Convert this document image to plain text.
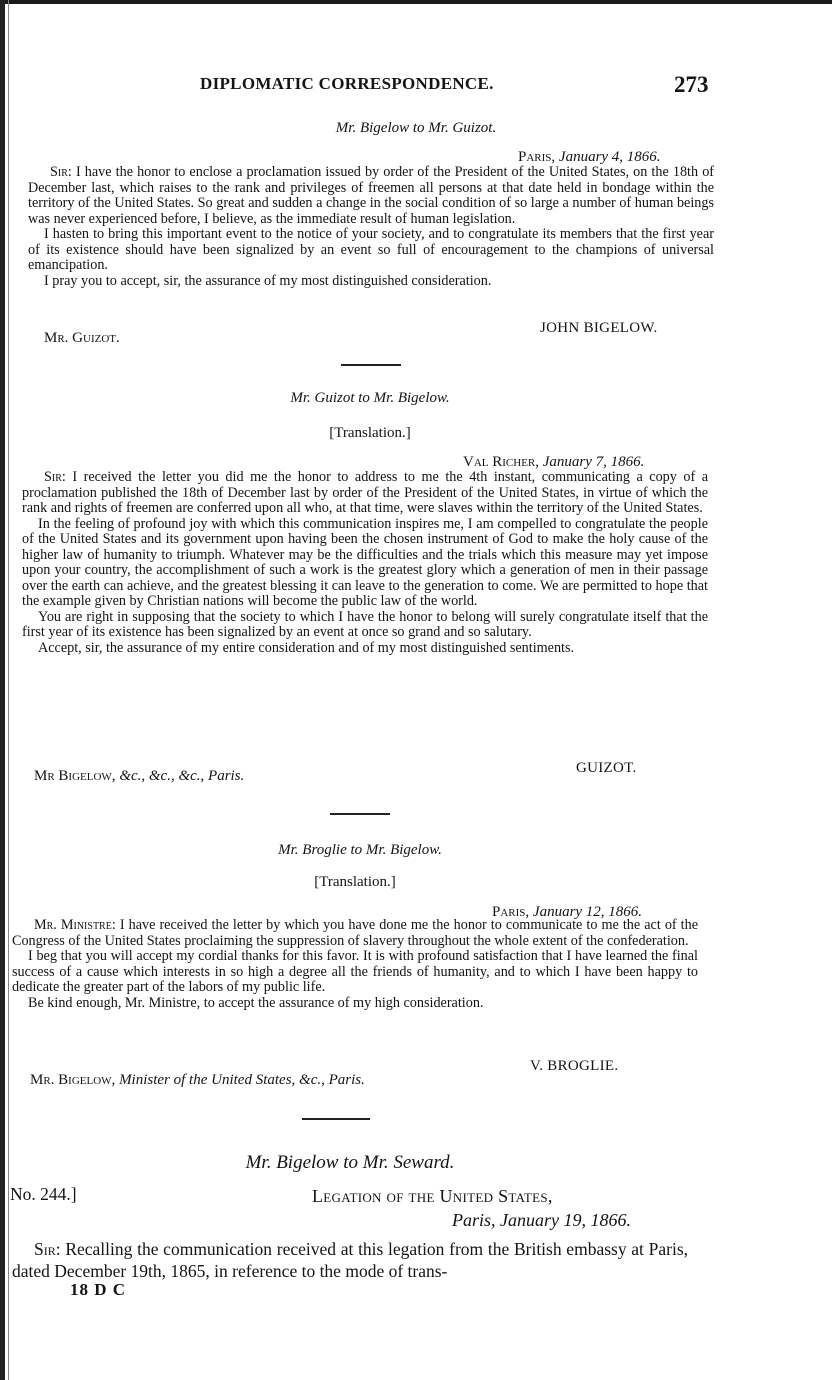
DIPLOMATIC CORRESPONDENCE.	273
Mr. Bigelow to Mr. Guizot.
Paris, January 4, 1866.

Sir: I have the honor to enclose a proclamation issued by order of the President of the United States, on the 18th of December last, which raises to the rank and privileges of freemen all persons at that date held in bondage within the territory of the United States. So great and sudden a change in the social condition of so large a number of human beings was never experienced before, I believe, as the immediate result of human legislation.

I hasten to bring this important event to the notice of your society, and to congratulate its members that the first year of its existence should have been signalized by an event so full of encouragement to the champions of universal emancipation.

I pray you to accept, sir, the assurance of my most distinguished consideration.

JOHN BIGELOW.
Mr. Guizot.
Mr. Guizot to Mr. Bigelow.
[Translation.]
Val Richer, January 7, 1866.

Sir: I received the letter you did me the honor to address to me the 4th instant, communicating a copy of a proclamation published the 18th of December last by order of the President of the United States, in virtue of which the rank and rights of freemen are conferred upon all who, at that time, were slaves within the territory of the United States.

In the feeling of profound joy with which this communication inspires me, I am compelled to congratulate the people of the United States and its government upon having been the chosen instrument of God to make the holy cause of the higher law of humanity to triumph. Whatever may be the difficulties and the trials which this measure may yet impose upon your country, the accomplishment of such a work is the greatest glory which a generation of men in their passage over the earth can achieve, and the greatest blessing it can leave to the generation to come. We are permitted to hope that the example given by Christian nations will become the public law of the world.

You are right in supposing that the society to which I have the honor to belong will surely congratulate itself that the first year of its existence has been signalized by an event at once so grand and so salutary.

Accept, sir, the assurance of my entire consideration and of my most distinguished sentiments.

GUIZOT.
Mr Bigelow, &c., &c., &c., Paris.
Mr. Broglie to Mr. Bigelow.
[Translation.]
Paris, January 12, 1866.

Mr. Ministre: I have received the letter by which you have done me the honor to communicate to me the act of the Congress of the United States proclaiming the suppression of slavery throughout the whole extent of the confederation.

I beg that you will accept my cordial thanks for this favor. It is with profound satisfaction that I have learned the final success of a cause which interests in so high a degree all the friends of humanity, and to which I have been happy to dedicate the greater part of the labors of my public life.

Be kind enough, Mr. Ministre, to accept the assurance of my high consideration.

V. BROGLIE.
Mr. Bigelow, Minister of the United States, &c., Paris.
Mr. Bigelow to Mr. Seward.
No. 244.]	Legation of the United States,
Paris, January 19, 1866.

Sir: Recalling the communication received at this legation from the British embassy at Paris, dated December 19th, 1865, in reference to the mode of trans-

18 D C
